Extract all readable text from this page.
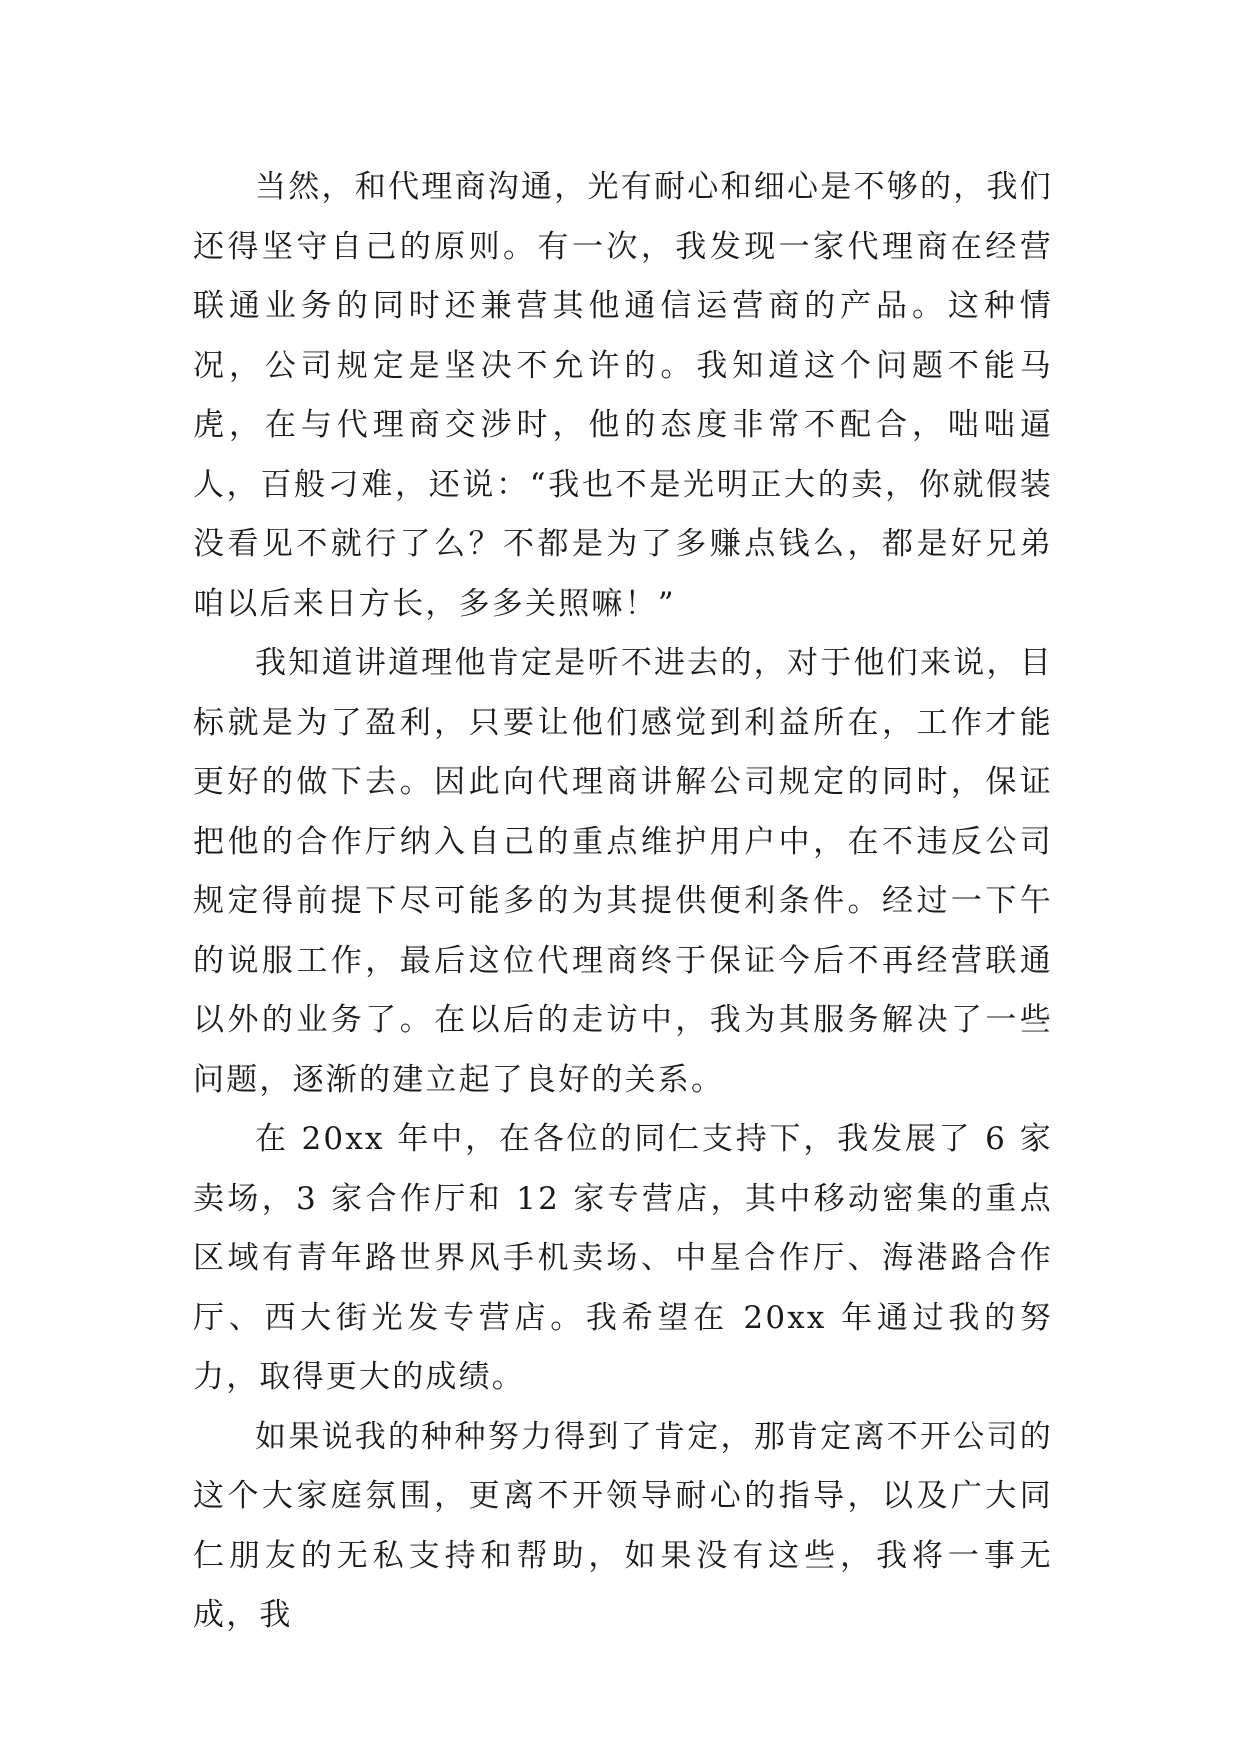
当然，和代理商沟通，光有耐心和细心是不够的，我们还得坚守自己的原则。有一次，我发现一家代理商在经营联通业务的同时还兼营其他通信运营商的产品。这种情况，公司规定是坚决不允许的。我知道这个问题不能马虎，在与代理商交涉时，他的态度非常不配合，咄咄逼人，百般刁难，还说：“我也不是光明正大的卖，你就假装没看见不就行了么？不都是为了多赚点钱么，都是好兄弟咱以后来日方长，多多关照嘛！”

我知道讲道理他肯定是听不进去的，对于他们来说，目标就是为了盈利，只要让他们感觉到利益所在，工作才能更好的做下去。因此向代理商讲解公司规定的同时，保证把他的合作厅纳入自己的重点维护用户中，在不违反公司规定得前提下尽可能多的为其提供便利条件。经过一下午的说服工作，最后这位代理商终于保证今后不再经营联通以外的业务了。在以后的走访中，我为其服务解决了一些问题，逐渐的建立起了良好的关系。

在 20xx 年中，在各位的同仁支持下，我发展了 6 家卖场，3 家合作厅和 12 家专营店，其中移动密集的重点区域有青年路世界风手机卖场、中星合作厅、海港路合作厅、西大街光发专营店。我希望在 20xx 年通过我的努力，取得更大的成绩。

如果说我的种种努力得到了肯定，那肯定离不开公司的这个大家庭氛围，更离不开领导耐心的指导，以及广大同仁朋友的无私支持和帮助，如果没有这些，我将一事无成，我
